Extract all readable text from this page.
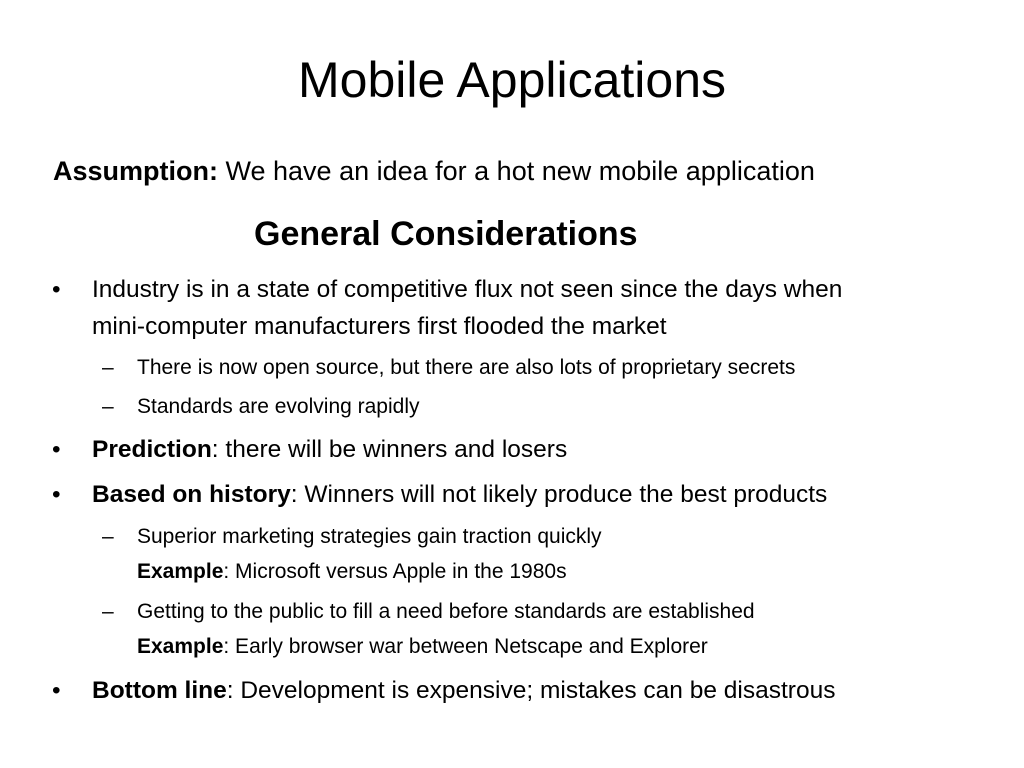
Mobile Applications
Assumption: We have an idea for a hot new mobile application
General Considerations
• Industry is in a state of competitive flux not seen since the days when
mini-computer manufacturers first flooded the market
– There is now open source, but there are also lots of proprietary secrets
– Standards are evolving rapidly
• Prediction: there will be winners and losers
• Based on history: Winners will not likely produce the best products
– Superior marketing strategies gain traction quickly
Example: Microsoft versus Apple in the 1980s
– Getting to the public to fill a need before standards are established
Example: Early browser war between Netscape and Explorer
• Bottom line: Development is expensive; mistakes can be disastrous
